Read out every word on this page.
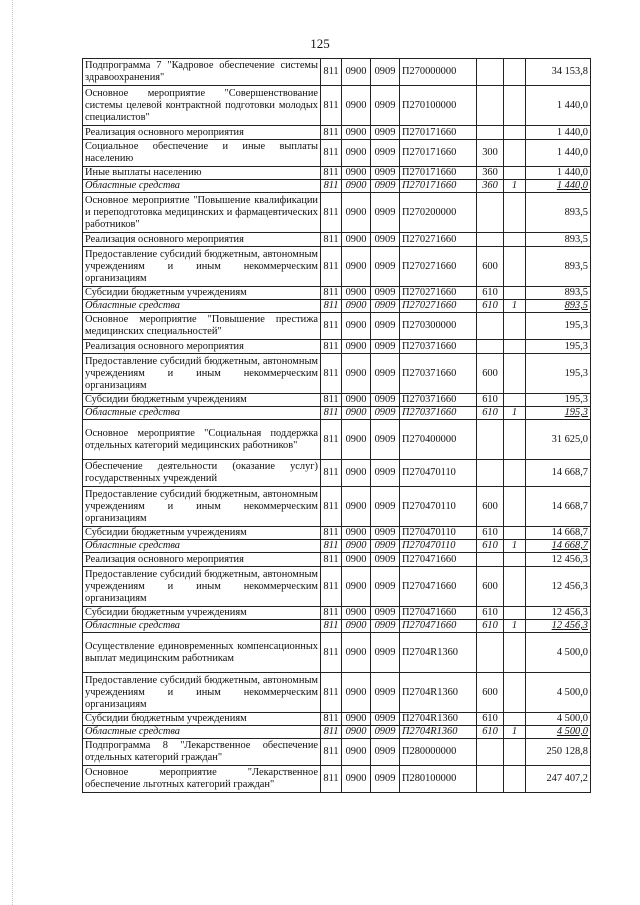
125
Подпрограмма 7 "Кадровое обеспечение системы здравоохранения"	811	0900	0909	П270000000			34 153,8
Основное мероприятие "Совершенствование системы целевой контрактной подготовки молодых специалистов"	811	0900	0909	П270100000			1 440,0
Реализация основного мероприятия	811	0900	0909	П270171660			1 440,0
Социальное обеспечение и иные выплаты населению	811	0900	0909	П270171660	300		1 440,0
Иные выплаты населению	811	0900	0909	П270171660	360		1 440,0
Областные средства	811	0900	0909	П270171660	360	1	1 440,0
Основное мероприятие "Повышение квалификации и переподготовка медицинских и фармацевтических работников"	811	0900	0909	П270200000			893,5
Реализация основного мероприятия	811	0900	0909	П270271660			893,5
Предоставление субсидий бюджетным, автономным учреждениям и иным некоммерческим организациям	811	0900	0909	П270271660	600		893,5
Субсидии бюджетным учреждениям	811	0900	0909	П270271660	610		893,5
Областные средства	811	0900	0909	П270271660	610	1	893,5
Основное мероприятие "Повышение престижа медицинских специальностей"	811	0900	0909	П270300000			195,3
Реализация основного мероприятия	811	0900	0909	П270371660			195,3
Предоставление субсидий бюджетным, автономным учреждениям и иным некоммерческим организациям	811	0900	0909	П270371660	600		195,3
Субсидии бюджетным учреждениям	811	0900	0909	П270371660	610		195,3
Областные средства	811	0900	0909	П270371660	610	1	195,3
Основное мероприятие "Социальная поддержка отдельных категорий медицинских работников"	811	0900	0909	П270400000			31 625,0
Обеспечение деятельности (оказание услуг) государственных учреждений	811	0900	0909	П270470110			14 668,7
Предоставление субсидий бюджетным, автономным учреждениям и иным некоммерческим организациям	811	0900	0909	П270470110	600		14 668,7
Субсидии бюджетным учреждениям	811	0900	0909	П270470110	610		14 668,7
Областные средства	811	0900	0909	П270470110	610	1	14 668,7
Реализация основного мероприятия	811	0900	0909	П270471660			12 456,3
Предоставление субсидий бюджетным, автономным учреждениям и иным некоммерческим организациям	811	0900	0909	П270471660	600		12 456,3
Субсидии бюджетным учреждениям	811	0900	0909	П270471660	610		12 456,3
Областные средства	811	0900	0909	П270471660	610	1	12 456,3
Осуществление единовременных компенсационных выплат медицинским работникам	811	0900	0909	П2704R1360			4 500,0
Предоставление субсидий бюджетным, автономным учреждениям и иным некоммерческим организациям	811	0900	0909	П2704R1360	600		4 500,0
Субсидии бюджетным учреждениям	811	0900	0909	П2704R1360	610		4 500,0
Областные средства	811	0900	0909	П2704R1360	610	1	4 500,0
Подпрограмма 8 "Лекарственное обеспечение отдельных категорий граждан"	811	0900	0909	П280000000			250 128,8
Основное мероприятие "Лекарственное обеспечение льготных категорий граждан"	811	0900	0909	П280100000			247 407,2
